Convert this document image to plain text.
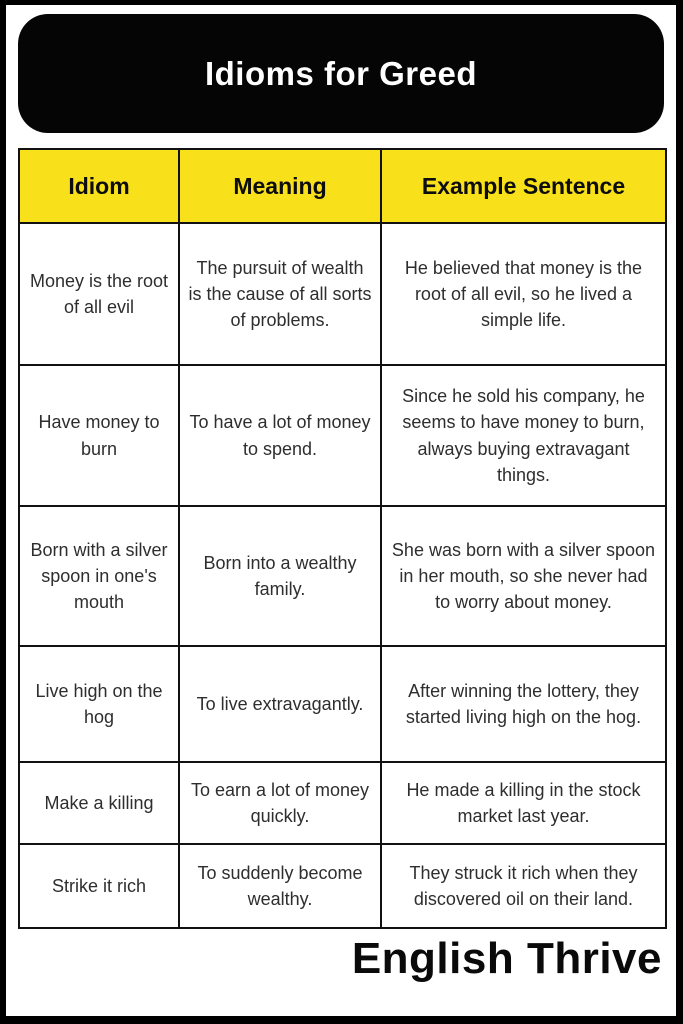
Idioms for Greed
Idiom	Meaning	Example Sentence
Money is the root of all evil	The pursuit of wealth is the cause of all sorts of problems.	He believed that money is the root of all evil, so he lived a simple life.
Have money to burn	To have a lot of money to spend.	Since he sold his company, he seems to have money to burn, always buying extravagant things.
Born with a silver spoon in one's mouth	Born into a wealthy family.	She was born with a silver spoon in her mouth, so she never had to worry about money.
Live high on the hog	To live extravagantly.	After winning the lottery, they started living high on the hog.
Make a killing	To earn a lot of money quickly.	He made a killing in the stock market last year.
Strike it rich	To suddenly become wealthy.	They struck it rich when they discovered oil on their land.
English Thrive
